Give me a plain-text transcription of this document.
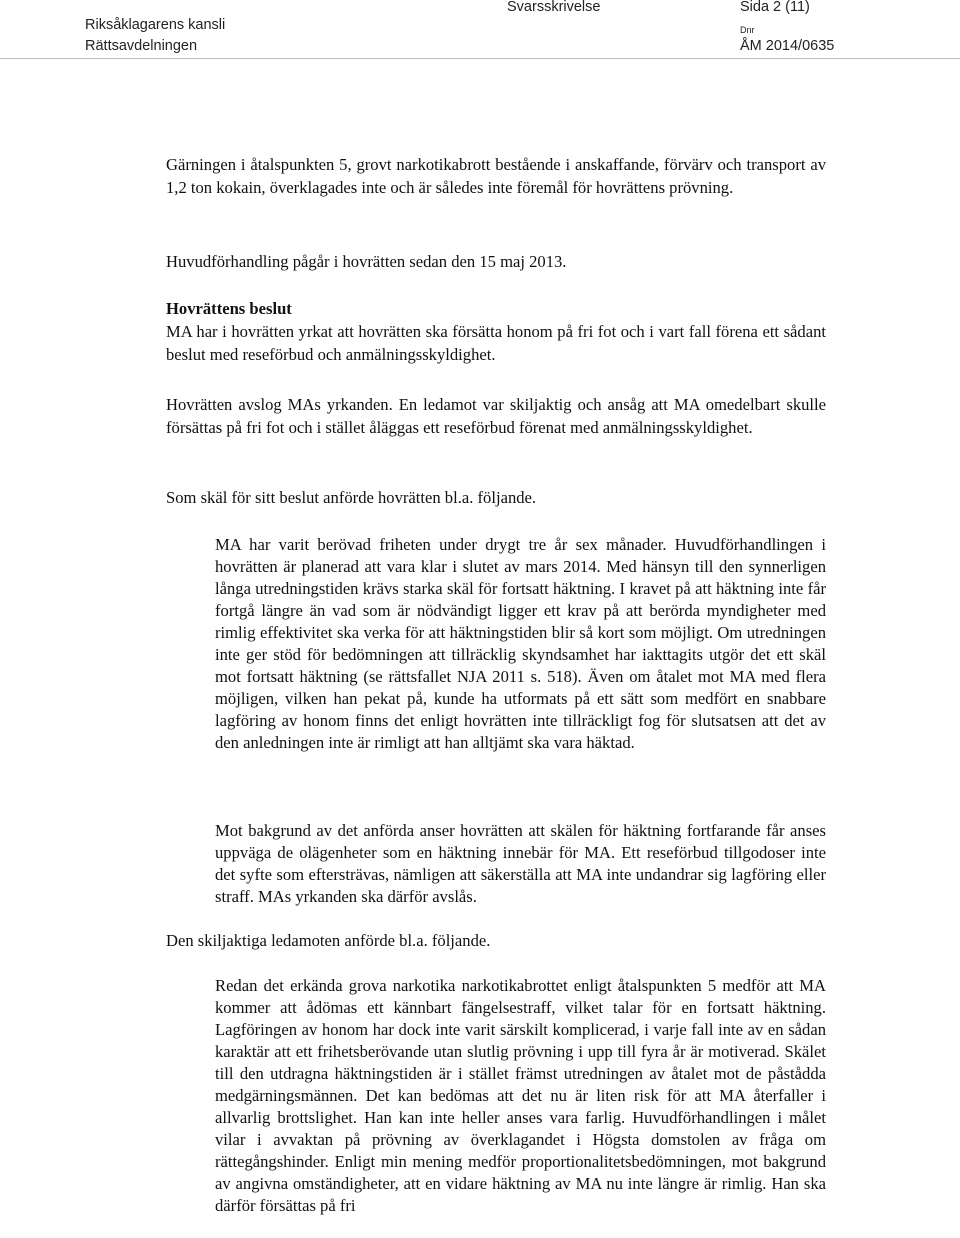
Riksåklagarens kansli
Rättsavdelningen
Svarsskrivelse	Sida 2 (11)
Dnr
ÅM 2014/0635

Gärningen i åtalspunkten 5, grovt narkotikabrott bestående i anskaffande, förvärv och transport av 1,2 ton kokain, överklagades inte och är således inte föremål för hovrättens prövning.

Huvudförhandling pågår i hovrätten sedan den 15 maj 2013.

Hovrättens beslut

MA har i hovrätten yrkat att hovrätten ska försätta honom på fri fot och i vart fall förena ett sådant beslut med reseförbud och anmälningsskyldighet.

Hovrätten avslog MAs yrkanden. En ledamot var skiljaktig och ansåg att MA omedelbart skulle försättas på fri fot och i stället åläggas ett reseförbud förenat med anmälningsskyldighet.

Som skäl för sitt beslut anförde hovrätten bl.a. följande.

MA har varit berövad friheten under drygt tre år sex månader. Huvudförhandlingen i hovrätten är planerad att vara klar i slutet av mars 2014. Med hänsyn till den synnerligen långa utredningstiden krävs starka skäl för fortsatt häktning. I kravet på att häktning inte får fortgå längre än vad som är nödvändigt ligger ett krav på att berörda myndigheter med rimlig effektivitet ska verka för att häktningstiden blir så kort som möjligt. Om utredningen inte ger stöd för bedömningen att tillräcklig skyndsamhet har iakttagits utgör det ett skäl mot fortsatt häktning (se rättsfallet NJA 2011 s. 518). Även om åtalet mot MA med flera möjligen, vilken han pekat på, kunde ha utformats på ett sätt som medfört en snabbare lagföring av honom finns det enligt hovrätten inte tillräckligt fog för slutsatsen att det av den anledningen inte är rimligt att han alltjämt ska vara häktad.

Mot bakgrund av det anförda anser hovrätten att skälen för häktning fortfarande får anses uppväga de olägenheter som en häktning innebär för MA. Ett reseförbud tillgodoser inte det syfte som eftersträvas, nämligen att säkerställa att MA inte undandrar sig lagföring eller straff. MAs yrkanden ska därför avslås.

Den skiljaktiga ledamoten anförde bl.a. följande.

Redan det erkända grova narkotika narkotikabrottet enligt åtalspunkten 5 medför att MA kommer att ådömas ett kännbart fängelsestraff, vilket talar för en fortsatt häktning. Lagföringen av honom har dock inte varit särskilt komplicerad, i varje fall inte av en sådan karaktär att ett frihetsberövande utan slutlig prövning i upp till fyra år är motiverad. Skälet till den utdragna häktningstiden är i stället främst utredningen av åtalet mot de påstådda medgärningsmännen. Det kan bedömas att det nu är liten risk för att MA återfaller i allvarlig brottslighet. Han kan inte heller anses vara farlig. Huvudförhandlingen i målet vilar i avvaktan på prövning av överklagandet i Högsta domstolen av fråga om rättegångshinder. Enligt min mening medför proportionalitetsbedömningen, mot bakgrund av angivna omständigheter, att en vidare häktning av MA nu inte längre är rimlig. Han ska därför försättas på fri
